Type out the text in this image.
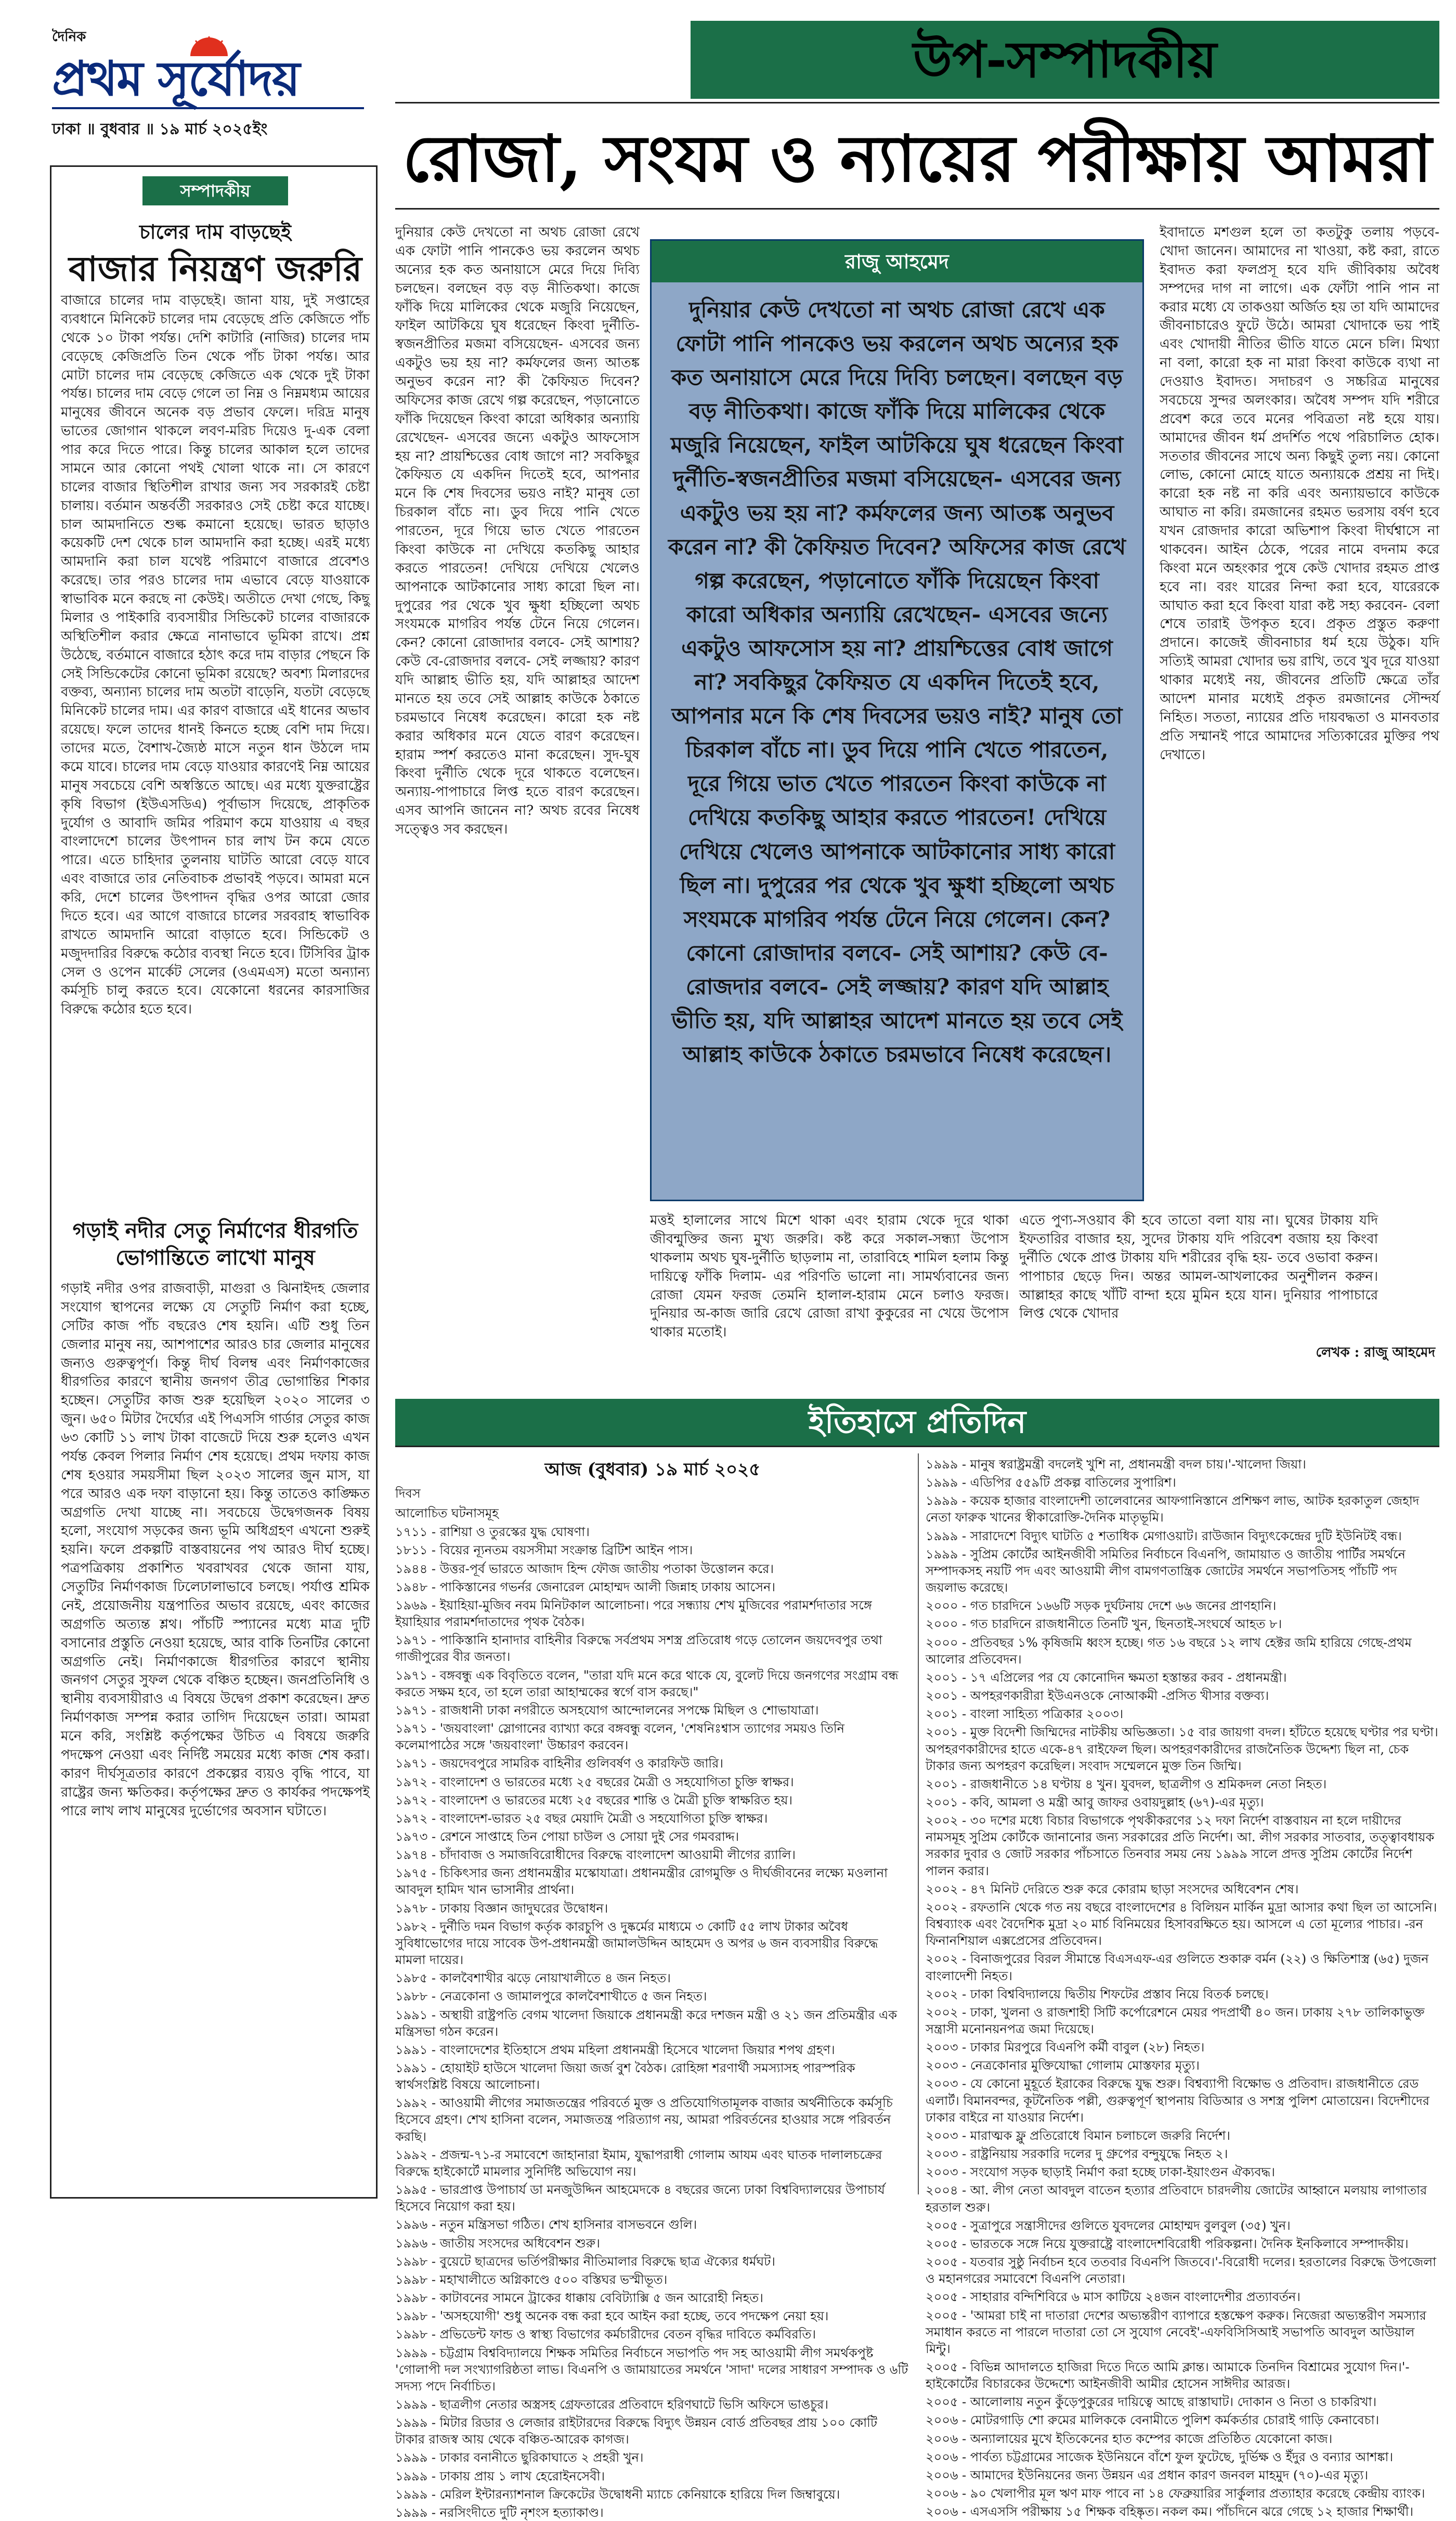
দৈনিক
প্রথম সূর্যোদয়
ঢাকা ॥ বুধবার ॥ ১৯ মার্চ ২০২৫ইং
সম্পাদকীয়
চালের দাম বাড়ছেই
বাজার নিয়ন্ত্রণ জরুরি

বাজারে চালের দাম বাড়ছেই। জানা যায়, দুই সপ্তাহের ব্যবধানে মিনিকেট চালের দাম বেড়েছে প্রতি কেজিতে পাঁচ থেকে ১০ টাকা পর্যন্ত। দেশি কাটারি (নাজির) চালের দাম বেড়েছে কেজিপ্রতি তিন থেকে পাঁচ টাকা পর্যন্ত। আর মোটা চালের দাম বেড়েছে কেজিতে এক থেকে দুই টাকা পর্যন্ত। চালের দাম বেড়ে গেলে তা নিম্ন ও নিম্নমধ্যম আয়ের মানুষের জীবনে অনেক বড় প্রভাব ফেলে। দরিদ্র মানুষ ভাতের জোগান থাকলে লবণ-মরিচ দিয়েও দু-এক বেলা পার করে দিতে পারে। কিন্তু চালের আকাল হলে তাদের সামনে আর কোনো পথই খোলা থাকে না। সে কারণে চালের বাজার স্থিতিশীল রাখার জন্য সব সরকারই চেষ্টা চালায়। বর্তমান অন্তর্বর্তী সরকারও সেই চেষ্টা করে যাচ্ছে। চাল আমদানিতে শুল্ক কমানো হয়েছে। ভারত ছাড়াও কয়েকটি দেশ থেকে চাল আমদানি করা হচ্ছে। এরই মধ্যে আমদানি করা চাল যথেষ্ট পরিমাণে বাজারে প্রবেশও করেছে। তার পরও চালের দাম এভাবে বেড়ে যাওয়াকে স্বাভাবিক মনে করছে না কেউই। অতীতে দেখা গেছে, কিছু মিলার ও পাইকারি ব্যবসায়ীর সিন্ডিকেট চালের বাজারকে অস্থিতিশীল করার ক্ষেত্রে নানাভাবে ভূমিকা রাখে। প্রশ্ন উঠেছে, বর্তমানে বাজারে হঠাৎ করে দাম বাড়ার পেছনে কি সেই সিন্ডিকেটের কোনো ভূমিকা রয়েছে? অবশ্য মিলারদের বক্তব্য, অন্যান্য চালের দাম অতটা বাড়েনি, যতটা বেড়েছে মিনিকেট চালের দাম। এর কারণ বাজারে এই ধানের অভাব রয়েছে। ফলে তাদের ধানই কিনতে হচ্ছে বেশি দাম দিয়ে। তাদের মতে, বৈশাখ-জ্যৈষ্ঠ মাসে নতুন ধান উঠলে দাম কমে যাবে। চালের দাম বেড়ে যাওয়ার কারণেই নিম্ন আয়ের মানুষ সবচেয়ে বেশি অস্বস্তিতে আছে। এর মধ্যে যুক্তরাষ্ট্রের কৃষি বিভাগ (ইউএসডিএ) পূর্বাভাস দিয়েছে, প্রাকৃতিক দুর্যোগ ও আবাদি জমির পরিমাণ কমে যাওয়ায় এ বছর বাংলাদেশে চালের উৎপাদন চার লাখ টন কমে যেতে পারে। এতে চাহিদার তুলনায় ঘাটতি আরো বেড়ে যাবে এবং বাজারে তার নেতিবাচক প্রভাবই পড়বে। আমরা মনে করি, দেশে চালের উৎপাদন বৃদ্ধির ওপর আরো জোর দিতে হবে। এর আগে বাজারে চালের সরবরাহ স্বাভাবিক রাখতে আমদানি আরো বাড়াতে হবে। সিন্ডিকেট ও মজুদদারির বিরুদ্ধে কঠোর ব্যবস্থা নিতে হবে। টিসিবির ট্রাক সেল ও ওপেন মার্কেট সেলের (ওএমএস) মতো অন্যান্য কর্মসূচি চালু করতে হবে। যেকোনো ধরনের কারসাজির বিরুদ্ধে কঠোর হতে হবে।

গড়াই নদীর সেতু নির্মাণের ধীরগতি ভোগান্তিতে লাখো মানুষ

গড়াই নদীর ওপর রাজবাড়ী, মাগুরা ও ঝিনাইদহ জেলার সংযোগ স্থাপনের লক্ষ্যে যে সেতুটি নির্মাণ করা হচ্ছে, সেটির কাজ পাঁচ বছরেও শেষ হয়নি। এটি শুধু তিন জেলার মানুষ নয়, আশপাশের আরও চার জেলার মানুষের জন্যও গুরুত্বপূর্ণ। কিন্তু দীর্ঘ বিলম্ব এবং নির্মাণকাজের ধীরগতির কারণে স্থানীয় জনগণ তীব্র ভোগান্তির শিকার হচ্ছেন। সেতুটির কাজ শুরু হয়েছিল ২০২০ সালের ৩ জুন। ৬৫০ মিটার দৈর্ঘ্যের এই পিএসসি গার্ডার সেতুর কাজ ৬৩ কোটি ১১ লাখ টাকা বাজেটে দিয়ে শুরু হলেও এখন পর্যন্ত কেবল পিলার নির্মাণ শেষ হয়েছে। প্রথম দফায় কাজ শেষ হওয়ার সময়সীমা ছিল ২০২৩ সালের জুন মাস, যা পরে আরও এক দফা বাড়ানো হয়। কিন্তু তাতেও কাঙ্ক্ষিত অগ্রগতি দেখা যাচ্ছে না। সবচেয়ে উদ্বেগজনক বিষয় হলো, সংযোগ সড়কের জন্য ভূমি অধিগ্রহণ এখনো শুরুই হয়নি। ফলে প্রকল্পটি বাস্তবায়নের পথ আরও দীর্ঘ হচ্ছে। পত্রপত্রিকায় প্রকাশিত খবরাখবর থেকে জানা যায়, সেতুটির নির্মাণকাজ ঢিলেঢালাভাবে চলছে। পর্যাপ্ত শ্রমিক নেই, প্রয়োজনীয় যন্ত্রপাতির অভাব রয়েছে, এবং কাজের অগ্রগতি অত্যন্ত শ্লথ। পাঁচটি স্প্যানের মধ্যে মাত্র দুটি বসানোর প্রস্তুতি নেওয়া হয়েছে, আর বাকি তিনটির কোনো অগ্রগতি নেই। নির্মাণকাজে ধীরগতির কারণে স্থানীয় জনগণ সেতুর সুফল থেকে বঞ্চিত হচ্ছেন। জনপ্রতিনিধি ও স্থানীয় ব্যবসায়ীরাও এ বিষয়ে উদ্বেগ প্রকাশ করেছেন। দ্রুত নির্মাণকাজ সম্পন্ন করার তাগিদ দিয়েছেন তারা। আমরা মনে করি, সংশ্লিষ্ট কর্তৃপক্ষের উচিত এ বিষয়ে জরুরি পদক্ষেপ নেওয়া এবং নির্দিষ্ট সময়ের মধ্যে কাজ শেষ করা। কারণ দীর্ঘসূত্রতার কারণে প্রকল্পের ব্যয়ও বৃদ্ধি পাবে, যা রাষ্ট্রের জন্য ক্ষতিকর। কর্তৃপক্ষের দ্রুত ও কার্যকর পদক্ষেপই পারে লাখ লাখ মানুষের দুর্ভোগের অবসান ঘটাতে।

উপ-সম্পাদকীয়
রোজা, সংযম ও ন্যায়ের পরীক্ষায় আমরা

দুনিয়ার কেউ দেখতো না অথচ রোজা রেখে এক ফোটা পানি পানকেও ভয় করলেন অথচ অন্যের হক কত অনায়াসে মেরে দিয়ে দিব্যি চলছেন। বলছেন বড় বড় নীতিকথা। কাজে ফাঁকি দিয়ে মালিকের থেকে মজুরি নিয়েছেন, ফাইল আটকিয়ে ঘুষ ধরেছেন কিংবা দুর্নীতি-স্বজনপ্রীতির মজমা বসিয়েছেন- এসবের জন্য একটুও ভয় হয় না? কর্মফলের জন্য আতঙ্ক অনুভব করেন না? কী কৈফিয়ত দিবেন? অফিসের কাজ রেখে গল্প করেছেন, পড়ানোতে ফাঁকি দিয়েছেন কিংবা কারো অধিকার অন্যায়ি রেখেছেন- এসবের জন্যে একটুও আফসোস হয় না? প্রায়শ্চিত্তের বোধ জাগে না? সবকিছুর কৈফিয়ত যে একদিন দিতেই হবে, আপনার মনে কি শেষ দিবসের ভয়ও নাই? মানুষ তো চিরকাল বাঁচে না। ডুব দিয়ে পানি খেতে পারতেন, দূরে গিয়ে ভাত খেতে পারতেন কিংবা কাউকে না দেখিয়ে কতকিছু আহার করতে পারতেন! দেখিয়ে দেখিয়ে খেলেও আপনাকে আটকানোর সাধ্য কারো ছিল না। দুপুরের পর থেকে খুব ক্ষুধা হচ্ছিলো অথচ সংযমকে মাগরিব পর্যন্ত টেনে নিয়ে গেলেন। কেন? কোনো রোজাদার বলবে- সেই আশায়? কেউ বে-রোজদার বলবে- সেই লজ্জায়? কারণ যদি আল্লাহ ভীতি হয়, যদি আল্লাহর আদেশ মানতে হয় তবে সেই আল্লাহ কাউকে ঠকাতে চরমভাবে নিষেধ করেছেন। কারো হক নষ্ট করার অধিকার মনে যেতে বারণ করেছেন। হারাম স্পর্শ করতেও মানা করেছেন। সুদ-ঘুষ কিংবা দুর্নীতি থেকে দূরে থাকতে বলেছেন। অন্যায়-পাপাচারে লিপ্ত হতে বারণ করেছেন। এসব আপনি জানেন না? অথচ রবের নিষেধ সত্ত্বেও সব করছেন।

রাজু আহমেদ
দুনিয়ার কেউ দেখতো না অথচ রোজা রেখে এক ফোটা পানি পানকেও ভয় করলেন অথচ অন্যের হক কত অনায়াসে মেরে দিয়ে দিব্যি চলছেন। বলছেন বড় বড় নীতিকথা। কাজে ফাঁকি দিয়ে মালিকের থেকে মজুরি নিয়েছেন, ফাইল আটকিয়ে ঘুষ ধরেছেন কিংবা দুর্নীতি-স্বজনপ্রীতির মজমা বসিয়েছেন- এসবের জন্য একটুও ভয় হয় না? কর্মফলের জন্য আতঙ্ক অনুভব করেন না? কী কৈফিয়ত দিবেন? অফিসের কাজ রেখে গল্প করেছেন, পড়ানোতে ফাঁকি দিয়েছেন কিংবা কারো অধিকার অন্যায়ি রেখেছেন- এসবের জন্যে একটুও আফসোস হয় না? প্রায়শ্চিত্তের বোধ জাগে না? সবকিছুর কৈফিয়ত যে একদিন দিতেই হবে, আপনার মনে কি শেষ দিবসের ভয়ও নাই? মানুষ তো চিরকাল বাঁচে না। ডুব দিয়ে পানি খেতে পারতেন, দূরে গিয়ে ভাত খেতে পারতেন কিংবা কাউকে না দেখিয়ে কতকিছু আহার করতে পারতেন! দেখিয়ে দেখিয়ে খেলেও আপনাকে আটকানোর সাধ্য কারো ছিল না। দুপুরের পর থেকে খুব ক্ষুধা হচ্ছিলো অথচ সংযমকে মাগরিব পর্যন্ত টেনে নিয়ে গেলেন। কেন? কোনো রোজাদার বলবে- সেই আশায়? কেউ বে-রোজদার বলবে- সেই লজ্জায়? কারণ যদি আল্লাহ ভীতি হয়, যদি আল্লাহর আদেশ মানতে হয় তবে সেই আল্লাহ কাউকে ঠকাতে চরমভাবে নিষেধ করেছেন।

ইবাদাতে মশগুল হলে তা কতটুকু তলায় পড়বে- খোদা জানেন। আমাদের না খাওয়া, কষ্ট করা, রাতে ইবাদত করা ফলপ্রসূ হবে যদি জীবিকায় অবৈধ সম্পদের দাগ না লাগে। এক ফোঁটা পানি পান না করার মধ্যে যে তাকওয়া অর্জিত হয় তা যদি আমাদের জীবনাচারেও ফুটে উঠে। আমরা খোদাকে ভয় পাই এবং খোদায়ী নীতির ভীতি যাতে মেনে চলি। মিথ্যা না বলা, কারো হক না মারা কিংবা কাউকে ব্যথা না দেওয়াও ইবাদত। সদাচরণ ও সচ্চরিত্র মানুষের সবচেয়ে সুন্দর অলংকার। অবৈধ সম্পদ যদি শরীরে প্রবেশ করে তবে মনের পবিত্রতা নষ্ট হয়ে যায়। আমাদের জীবন ধর্ম প্রদর্শিত পথে পরিচালিত হোক। সততার জীবনের সাথে অন্য কিছুই তুল্য নয়। কোনো লোভ, কোনো মোহে যাতে অন্যায়কে প্রশ্রয় না দিই। কারো হক নষ্ট না করি এবং অন্যায়ভাবে কাউকে আঘাত না করি। রমজানের রহমত ভরসায় বর্ষণ হবে যখন রোজদার কারো অভিশাপ কিংবা দীর্ঘশ্বাসে না থাকবেন। আইন ঠেকে, পরের নামে বদনাম করে কিংবা মনে অহংকার পুষে কেউ খোদার রহমত প্রাপ্ত হবে না। বরং যারের নিন্দা করা হবে, যারেরকে আঘাত করা হবে কিংবা যারা কষ্ট সহ্য করবেন- বেলা শেষে তারাই উপকৃত হবে। প্রকৃত প্রস্তুত করুণা প্রদানে। কাজেই জীবনাচার ধর্ম হয়ে উঠুক। যদি সত্যিই আমরা খোদার ভয় রাখি, তবে খুব দূরে যাওয়া থাকার মধ্যেই নয়, জীবনের প্রতিটি ক্ষেত্রে তাঁর আদেশ মানার মধ্যেই প্রকৃত রমজানের সৌন্দর্য নিহিত। সততা, ন্যায়ের প্রতি দায়বদ্ধতা ও মানবতার প্রতি সম্মানই পারে আমাদের সত্যিকারের মুক্তির পথ দেখাতে।

মত্তই হালালের সাথে মিশে থাকা এবং হারাম থেকে দূরে থাকা জীবন্মুক্তির জন্য মুখ্য জরুরি। কষ্ট করে সকাল-সন্ধ্যা উপোস থাকলাম অথচ ঘুষ-দুর্নীতি ছাড়লাম না, তারাবিহে শামিল হলাম কিন্তু দায়িত্বে ফাঁকি দিলাম- এর পরিণতি ভালো না। সামর্থ্যবানের জন্য রোজা যেমন ফরজ তেমনি হালাল-হারাম মেনে চলাও ফরজ। দুনিয়ার অ-কাজ জারি রেখে রোজা রাখা কুকুরের না খেয়ে উপোস থাকার মতোই।

এতে পুণ্য-সওয়াব কী হবে তাতো বলা যায় না। ঘুষের টাকায় যদি ইফতারির বাজার হয়, সুদের টাকায় যদি পরিবেশ বজায় হয় কিংবা দুর্নীতি থেকে প্রাপ্ত টাকায় যদি শরীরের বৃদ্ধি হয়- তবে ওভাবা করুন। পাপাচার ছেড়ে দিন। অন্তর আমল-আখলাকের অনুশীলন করুন। আল্লাহর কাছে খাঁটি বান্দা হয়ে মুমিন হয়ে যান। দুনিয়ার পাপাচারে লিপ্ত থেকে খোদার

লেখক : রাজু আহমেদ
ইতিহাসে প্রতিদিন
আজ (বুধবার) ১৯ মার্চ ২০২৫
দিবস
আলোচিত ঘটনাসমূহ
১৭১১ - রাশিয়া ও তুরস্কের যুদ্ধ ঘোষণা।
১৮১১ - বিয়ের ন্যূনতম বয়সসীমা সংক্রান্ত ব্রিটিশ আইন পাস।
১৯৪৪ - উত্তর-পূর্ব ভারতে আজাদ হিন্দ ফৌজ জাতীয় পতাকা উত্তোলন করে।
১৯৪৮ - পাকিস্তানের গভর্নর জেনারেল মোহাম্মদ আলী জিন্নাহ ঢাকায় আসেন।
১৯৬৯ - ইয়াহিয়া-মুজিব নবম মিনিটকাল আলোচনা। পরে সন্ধ্যায় শেখ মুজিবের পরামর্শদাতার সঙ্গে ইয়াহিয়ার পরামর্শদাতাদের পৃথক বৈঠক।
১৯৭১ - পাকিস্তানি হানাদার বাহিনীর বিরুদ্ধে সর্বপ্রথম সশস্ত্র প্রতিরোধ গড়ে তোলেন জয়দেবপুর তথা গাজীপুরের বীর জনতা।
১৯৭১ - বঙ্গবন্ধু এক বিবৃতিতে বলেন, "তারা যদি মনে করে থাকে যে, বুলেট দিয়ে জনগণের সংগ্রাম বন্ধ করতে সক্ষম হবে, তা হলে তারা আহাম্মকের স্বর্গে বাস করছে।"
১৯৭১ - রাজধানী ঢাকা নগরীতে অসহযোগ আন্দোলনের সপক্ষে মিছিল ও শোভাযাত্রা।
১৯৭১ - 'জয়বাংলা' স্লোগানের ব্যাখ্যা করে বঙ্গবন্ধু বলেন, 'শেষনিঃশ্বাস ত্যাগের সময়ও তিনি কলেমাপাঠের সঙ্গে 'জয়বাংলা' উচ্চারণ করবেন।
১৯৭১ - জয়দেবপুরে সামরিক বাহিনীর গুলিবর্ষণ ও কারফিউ জারি।
১৯৭২ - বাংলাদেশ ও ভারতের মধ্যে ২৫ বছরের মৈত্রী ও সহযোগিতা চুক্তি স্বাক্ষর।
১৯৭২ - বাংলাদেশ ও ভারতের মধ্যে ২৫ বছরের শান্তি ও মৈত্রী চুক্তি স্বাক্ষরিত হয়।
১৯৭২ - বাংলাদেশ-ভারত ২৫ বছর মেয়াদি মৈত্রী ও সহযোগিতা চুক্তি স্বাক্ষর।
১৯৭৩ - রেশনে সাপ্তাহে তিন পোয়া চাউল ও সোয়া দুই সের গমবরাদ্দ।
১৯৭৪ - চাঁদাবাজ ও সমাজবিরোধীদের বিরুদ্ধে বাংলাদেশ আওয়ামী লীগের র‍্যালি।
১৯৭৫ - চিকিৎসার জন্য প্রধানমন্ত্রীর মস্কোযাত্রা। প্রধানমন্ত্রীর রোগমুক্তি ও দীর্ঘজীবনের লক্ষ্যে মওলানা আবদুল হামিদ খান ভাসানীর প্রার্থনা।
১৯৭৮ - ঢাকায় বিজ্ঞান জাদুঘরের উদ্বোধন।
১৯৮২ - দুর্নীতি দমন বিভাগ কর্তৃক কারচুপি ও দুষ্কর্মের মাধ্যমে ৩ কোটি ৫৫ লাখ টাকার অবৈধ সুবিধাভোগের দায়ে সাবেক উপ-প্রধানমন্ত্রী জামালউদ্দিন আহমেদ ও অপর ৬ জন ব্যবসায়ীর বিরুদ্ধে মামলা দায়ের।
১৯৮৫ - কালবৈশাখীর ঝড়ে নোয়াখালীতে ৪ জন নিহত।
১৯৮৮ - নেত্রকোনা ও জামালপুরে কালবৈশাখীতে ৫ জন নিহত।
১৯৯১ - অস্থায়ী রাষ্ট্রপতি বেগম খালেদা জিয়াকে প্রধানমন্ত্রী করে দশজন মন্ত্রী ও ২১ জন প্রতিমন্ত্রীর এক মন্ত্রিসভা গঠন করেন।
১৯৯১ - বাংলাদেশের ইতিহাসে প্রথম মহিলা প্রধানমন্ত্রী হিসেবে খালেদা জিয়ার শপথ গ্রহণ।
১৯৯১ - হোয়াইট হাউসে খালেদা জিয়া জর্জ বুশ বৈঠক। রোহিঙ্গা শরণার্থী সমস্যাসহ পারস্পরিক স্বার্থসংশ্লিষ্ট বিষয়ে আলোচনা।
১৯৯২ - আওয়ামী লীগের সমাজতন্ত্রের পরিবর্তে মুক্ত ও প্রতিযোগিতামূলক বাজার অর্থনীতিকে কর্মসূচি হিসেবে গ্রহণ। শেখ হাসিনা বলেন, সমাজতন্ত্র পরিত্যাগ নয়, আমরা পরিবর্তনের হাওয়ার সঙ্গে পরিবর্তন করছি।
১৯৯২ - প্রজন্ম-৭১-র সমাবেশে জাহানারা ইমাম, যুদ্ধাপরাধী গোলাম আযম এবং ঘাতক দালালচক্রের বিরুদ্ধে হাইকোর্টে মামলার সুনির্দিষ্ট অভিযোগ নয়।
১৯৯৫ - ভারপ্রাপ্ত উপাচার্য ডা মনজুউদ্দিন আহমেদকে ৪ বছরের জন্যে ঢাকা বিশ্ববিদ্যালয়ের উপাচার্য হিসেবে নিয়োগ করা হয়।
১৯৯৬ - নতুন মন্ত্রিসভা গঠিত। শেখ হাসিনার বাসভবনে গুলি।
১৯৯৬ - জাতীয় সংসদের অধিবেশন শুরু।
১৯৯৮ - বুয়েটে ছাত্রদের ভর্তিপরীক্ষার নীতিমালার বিরুদ্ধে ছাত্র ঐক্যের ধর্মঘট।
১৯৯৮ - মহাখালীতে অগ্নিকাণ্ডে ৫০০ বস্তিঘর ভস্মীভূত।
১৯৯৮ - কাটাবনের সামনে ট্রাকের ধাক্কায় বেবিট্যাক্সি ৫ জন আরোহী নিহত।
১৯৯৮ - 'অসহযোগী' শুধু অনেক বন্ধ করা হবে আইন করা হচ্ছে, তবে পদক্ষেপ নেয়া হয়।
১৯৯৮ - প্রভিডেন্ট ফান্ড ও স্বাস্থ্য বিভাগের কর্মচারীদের বেতন বৃদ্ধির দাবিতে কর্মবিরতি।
১৯৯৯ - চট্টগ্রাম বিশ্ববিদ্যালয়ে শিক্ষক সমিতির নির্বাচনে সভাপতি পদ সহ আওয়ামী লীগ সমর্থকপুষ্ট 'গোলাপী দল সংখ্যাগরিষ্ঠতা লাভ। বিএনপি ও জামায়াতের সমর্থনে 'সাদা' দলের সাধারণ সম্পাদক ও ৬টি সদস্য পদে নির্বাচিত।
১৯৯৯ - ছাত্রলীগ নেতার অস্ত্রসহ গ্রেফতারের প্রতিবাদে হরিণঘাটে ভিসি অফিসে ভাঙচুর।
১৯৯৯ - মিটার রিডার ও লেজার রাইটারদের বিরুদ্ধে বিদ্যুৎ উন্নয়ন বোর্ড প্রতিবছর প্রায় ১০০ কোটি টাকার রাজস্ব আয় থেকে বঞ্চিত-আরেক কাগজ।
১৯৯৯ - ঢাকার বনানীতে ছুরিকাঘাতে ২ প্রহরী খুন।
১৯৯৯ - ঢাকায় প্রায় ১ লাখ হেরোইনসেবী।
১৯৯৯ - মেরিল ইন্টারন্যাশনাল ক্রিকেটের উদ্বোধনী ম্যাচে কেনিয়াকে হারিয়ে দিল জিম্বাবুয়ে।
১৯৯৯ - নরসিংদীতে দুটি নৃশংস হত্যাকাণ্ড।
১৯৯৯ - মানুষ স্বরাষ্ট্রমন্ত্রী বদলেই খুশি না, প্রধানমন্ত্রী বদল চায়।'-খালেদা জিয়া।
১৯৯৯ - এডিপির ৫৫৯টি প্রকল্প বাতিলের সুপারিশ।
১৯৯৯ - কয়েক হাজার বাংলাদেশী তালেবানের আফগানিস্তানে প্রশিক্ষণ লাভ, আটক হরকাতুল জেহাদ নেতা ফারুক খানের স্বীকারোক্তি-দৈনিক মাতৃভূমি।
১৯৯৯ - সারাদেশে বিদ্যুৎ ঘাটতি ৫ শতাধিক মেগাওয়াট। রাউজান বিদ্যুৎকেন্দ্রের দুটি ইউনিটই বন্ধ।
১৯৯৯ - সুপ্রিম কোর্টের আইনজীবী সমিতির নির্বাচনে বিএনপি, জামায়াত ও জাতীয় পার্টির সমর্থনে সম্পাদকসহ নয়টি পদ এবং আওয়ামী লীগ বামগণতান্ত্রিক জোটের সমর্থনে সভাপতিসহ পাঁচটি পদ জয়লাভ করেছে।
২০০০ - গত চারদিনে ১৬৬টি সড়ক দুর্ঘটনায় দেশে ৬৬ জনের প্রাণহানি।
২০০০ - গত চারদিনে রাজধানীতে তিনটি খুন, ছিনতাই-সংঘর্ষে আহত ৮।
২০০০ - প্রতিবছর ১% কৃষিজমি ধ্বংস হচ্ছে। গত ১৬ বছরে ১২ লাখ হেক্টর জমি হারিয়ে গেছে-প্রথম আলোর প্রতিবেদন।
২০০১ - ১৭ এপ্রিলের পর যে কোনোদিন ক্ষমতা হস্তান্তর করব - প্রধানমন্ত্রী।
২০০১ - অপহরণকারীরা ইউএনওকে নোআকমী -প্রসিত খীসার বক্তব্য।
২০০১ - বাংলা সাহিত্য পত্রিকার ২০০৩।
২০০১ - মুক্ত বিদেশী জিম্মিদের নাটকীয় অভিজ্ঞতা। ১৫ বার জায়গা বদল। হাঁটতে হয়েছে ঘণ্টার পর ঘণ্টা। অপহরণকারীদের হাতে একে-৪৭ রাইফেল ছিল। অপহরণকারীদের রাজনৈতিক উদ্দেশ্য ছিল না, চেক টাকার জন্য অপহরণ করেছিল। সংবাদ সম্মেলনে মুক্ত তিন জিম্মি।
২০০১ - রাজধানীতে ১৪ ঘণ্টায় ৪ খুন। যুবদল, ছাত্রলীগ ও শ্রমিকদল নেতা নিহত।
২০০১ - কবি, আমলা ও মন্ত্রী আবু জাফর ওবায়দুল্লাহ (৬৭)-এর মৃত্যু।
২০০২ - ৩০ দশের মধ্যে বিচার বিভাগকে পৃথকীকরণের ১২ দফা নির্দেশ বাস্তবায়ন না হলে দায়ীদের নামসমূহ সুপ্রিম কোর্টকে জানানোর জন্য সরকারের প্রতি নির্দেশ। আ. লীগ সরকার সাতবার, তত্ত্বাবধায়ক সরকার দুবার ও জোট সরকার পাঁচসাতে তিনবার সময় নেয় ১৯৯৯ সালে প্রদত্ত সুপ্রিম কোর্টের নির্দেশ পালন করার।
২০০২ - ৪৭ মিনিট দেরিতে শুরু করে কোরাম ছাড়া সংসদের অধিবেশন শেষ।
২০০২ - রফতানি থেকে গত নয় বছরে বাংলাদেশের ৪ বিলিয়ন মার্কিন মুদ্রা আসার কথা ছিল তা আসেনি। বিশ্বব্যাংক এবং বৈদেশিক মুদ্রা ২০ মার্চ বিনিময়ের হিসাবরক্ষিতে হয়। আসলে এ তো মূল্যের পাচার। -রন ফিনানশিয়াল এক্সপ্রেসের প্রতিবেদন।
২০০২ - বিনাজপুরের বিরল সীমান্তে বিএসএফ-এর গুলিতে শুকারু বর্মন (২২) ও ক্ষিতিশাস্ত্র (৬৫) দুজন বাংলাদেশী নিহত।
২০০২ - ঢাকা বিশ্ববিদ্যালয়ে দ্বিতীয় শিফটের প্রস্তাব নিয়ে বিতর্ক চলছে।
২০০২ - ঢাকা, খুলনা ও রাজশাহী সিটি কর্পোরেশনে মেয়র পদপ্রার্থী ৪০ জন। ঢাকায় ২৭৮ তালিকাভুক্ত সন্ত্রাসী মনোনয়নপত্র জমা দিয়েছে।
২০০৩ - ঢাকার মিরপুরে বিএনপি কর্মী বাবুল (২৮) নিহত।
২০০৩ - নেত্রকোনার মুক্তিযোদ্ধা গোলাম মোস্তফার মৃত্যু।
২০০৩ - যে কোনো মুহূর্তে ইরাকের বিরুদ্ধে যুদ্ধ শুরু। বিশ্বব্যাপী বিক্ষোভ ও প্রতিবাদ। রাজধানীতে রেড এলার্ট। বিমানবন্দর, কূটনৈতিক পল্লী, গুরুত্বপূর্ণ স্থাপনায় বিডিআর ও সশস্ত্র পুলিশ মোতায়েন। বিদেশীদের ঢাকার বাইরে না যাওয়ার নির্দেশ।
২০০৩ - মারাত্মক ফ্লু প্রতিরোধে বিমান চলাচলে জরুরি নির্দেশ।
২০০৩ - রাষ্ট্রনিয়ায় সরকারি দলের দু গ্রুপের বন্দুযুদ্ধে নিহত ২।
২০০৩ - সংযোগ সড়ক ছাড়াই নির্মাণ করা হচ্ছে ঢাকা-ইয়াংগুন ঐক্যবদ্ধ।
২০০৪ - আ. লীগ নেতা আবদুল বাতেন হত্যার প্রতিবাদে চারদলীয় জোটের আহ্বানে মলয়ায় লাগাতার হরতাল শুরু।
২০০৫ - সুত্রাপুরে সন্ত্রাসীদের গুলিতে যুবদলের মোহাম্মদ বুলবুল (৩৫) খুন।
২০০৫ - ভারতকে সঙ্গে নিয়ে যুক্তরাষ্ট্রে বাংলাদেশবিরোধী পরিকল্পনা। দৈনিক ইনকিলাবে সম্পাদকীয়।
২০০৫ - যতবার সুষ্ঠু নির্বাচন হবে ততবার বিএনপি জিতবে।'-বিরোধী দলের। হরতালের বিরুদ্ধে উপজেলা ও মহানগরের সমাবেশে বিএনপি নেতারা।
২০০৫ - সাহারার বন্দিশিবিরে ৬ মাস কাটিয়ে ২৪জন বাংলাদেশীর প্রত্যাবর্তন।
২০০৫ - 'আমরা চাই না দাতারা দেশের অভ্যন্তরীণ ব্যাপারে হস্তক্ষেপ করুক। নিজেরা অভ্যন্তরীণ সমস্যার সমাধান করতে না পারলে দাতারা তো সে সুযোগ নেবেই'-এফবিসিসিআই সভাপতি আবদুল আউয়াল মিন্টু।
২০০৫ - বিভিন্ন আদালতে হাজিরা দিতে দিতে আমি ক্লান্ত। আমাকে তিনদিন বিশ্রামের সুযোগ দিন।'-হাইকোর্টের বিচারকের উদ্দেশ্যে আইনজীবী আমীর হোসেন সাঈদীর আরজ।
২০০৫ - আলোলায় নতুন কুঁড়েপুকুরের দায়িত্বে আছে রাস্তাঘাট। দোকান ও নিতা ও চাকরিখা।
২০০৬ - মোটরগাড়ি শো রুমের মালিককে বেনামীতে পুলিশ কর্মকর্তার চোরাই গাড়ি কেনাবেচা।
২০০৬ - অন্যালায়ের মুখে ইতিকেনের হাত কম্পের কাজে প্রতিষ্ঠিত যেকোনো কাজ।
২০০৬ - পার্বত্য চট্টগ্রামের সাজেক ইউনিয়নে বাঁশে ফুল ফুটেছে, দুর্ভিক্ষ ও ইঁদুর ও বন্যার আশঙ্কা।
২০০৬ - আমাদের ইউনিয়নের জন্য উন্নয়ন এর প্রধান কারণ জনবল মাহমুদ (৭০)-এর মৃত্যু।
২০০৬ - ৯০ খেলাপীর মূল ঋণ মাফ পাবে না ১৪ ফেব্রুয়ারির সার্কুলার প্রত্যাহার করেছে কেন্দ্রীয় ব্যাংক।
২০০৬ - এসএসসি পরীক্ষায় ১৫ শিক্ষক বহিষ্কৃত। নকল কম। পাঁচদিনে ঝরে গেছে ১২ হাজার শিক্ষার্থী।
